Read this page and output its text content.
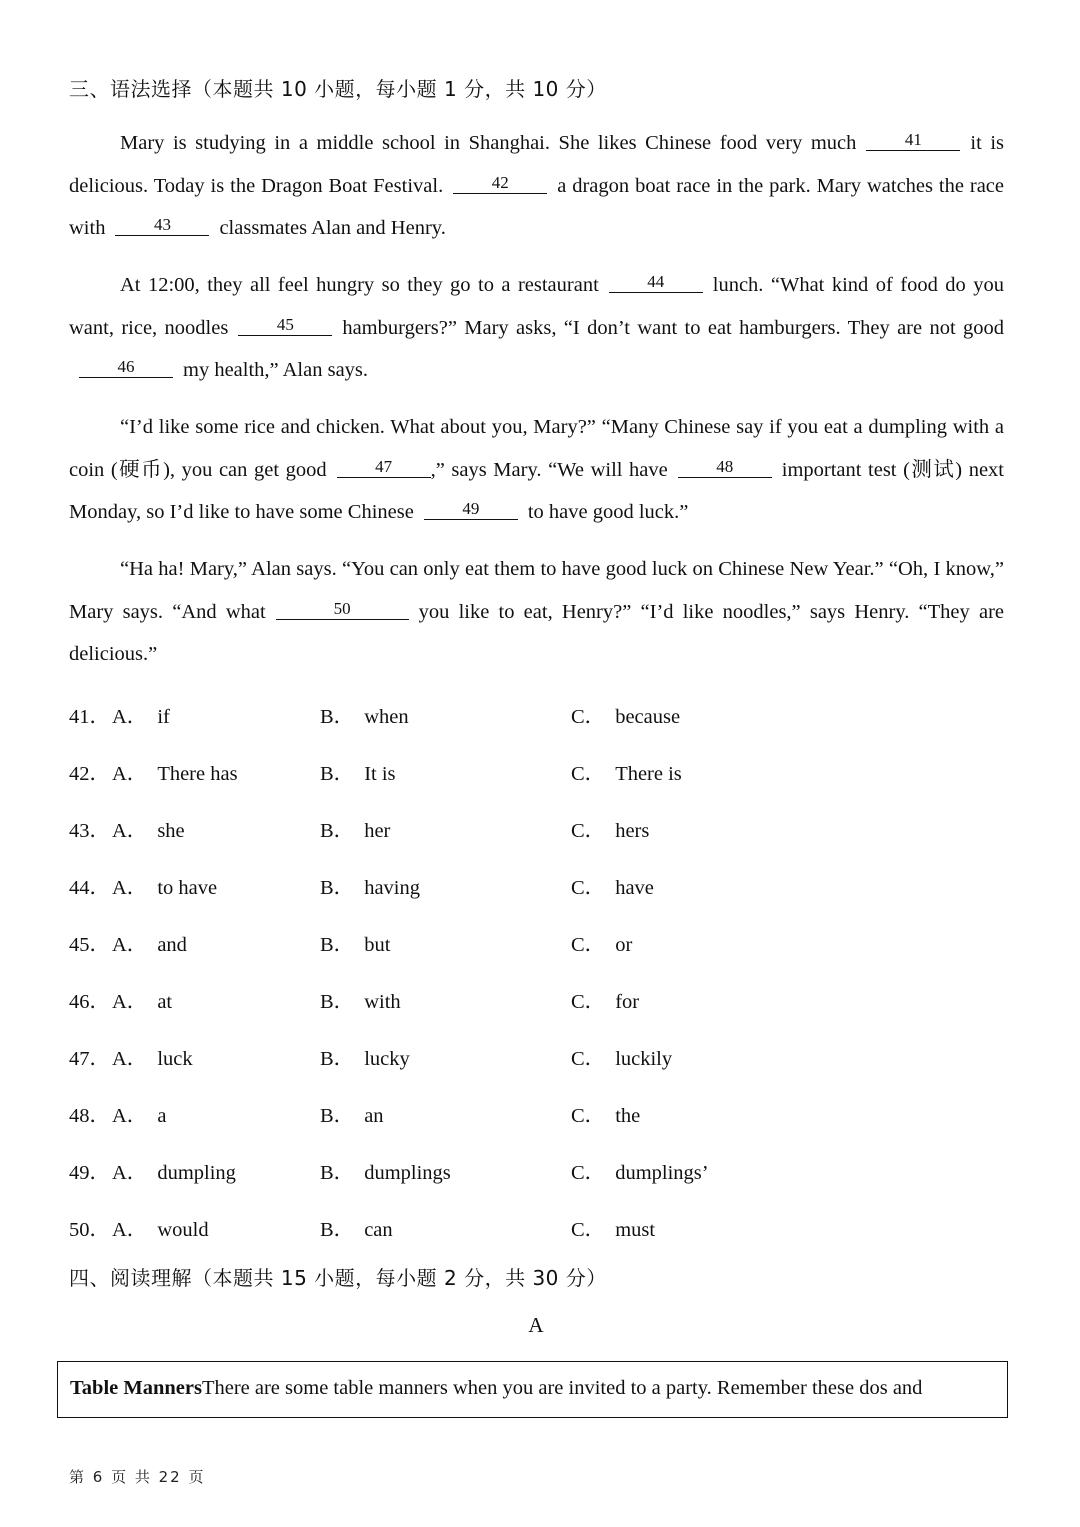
三、语法选择（本题共 10 小题，每小题 1 分，共 10 分）

Mary is studying in a middle school in Shanghai. She likes Chinese food very much	41 it is delicious. Today is the Dragon Boat Festival.	42 a dragon boat race in the park. Mary watches the race with	43 classmates Alan and Henry.

At 12:00, they all feel hungry so they go to a restaurant	44 lunch. “What kind of food do you want, rice, noodles	45 hamburgers?” Mary asks, “I don’t want to eat hamburgers. They are not good46 my health,” Alan says.

“I’d like some rice and chicken. What about you, Mary?” “Many Chinese say if you eat a dumpling with a coin (硬币), you can get good	47 ,” says Mary. “We will have	48 important test (测试) next Monday, so I’d like to have some Chinese	49 to have good luck.”

“Ha ha! Mary,” Alan says. “You can only eat them to have good luck on Chinese New Year.” “Oh, I know,” Mary says. “And what	50	you like to eat, Henry?” “I’d like noodles,” says Henry. “They are delicious.”

41． A． if	B． when	C． because
42． A． There has	B． It is	C． There is
43． A． she	B． her	C． hers
44． A． to have	B． having	C． have
45． A． and	B． but	C． or
46． A． at	B． with	C． for
47． A． luck	B． lucky	C． luckily
48． A． a	B． an	C． the
49． A． dumpling	B． dumplings	C． dumplings’
50． A． would	B． can	C． must
四、阅读理解（本题共 15 小题，每小题 2 分，共 30 分）
A
Table MannersThere are some table manners when you are invited to a party. Remember these dos and
第 6 页 共 22 页
